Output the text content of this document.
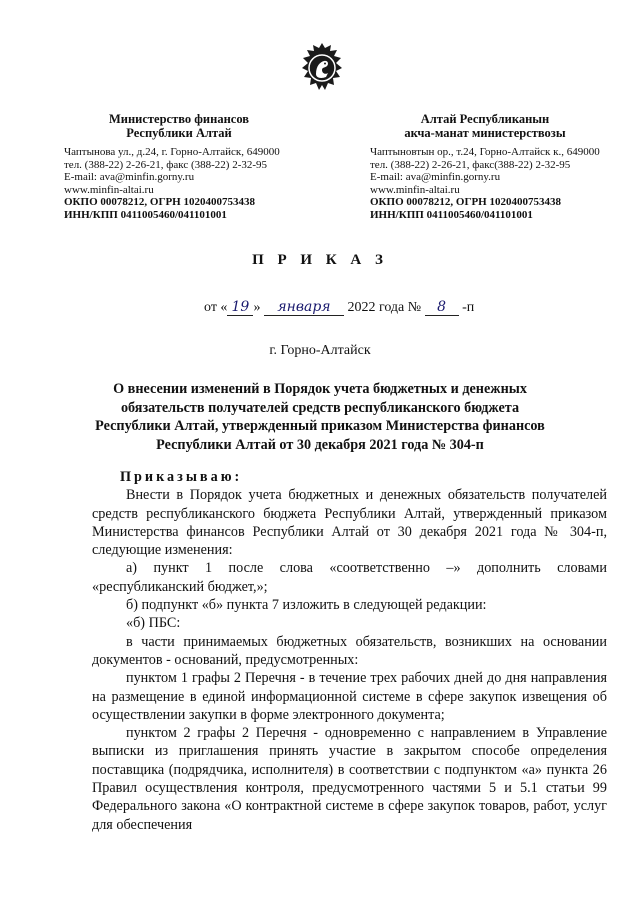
Министерство финансов
Республики Алтай
Чаптынова ул., д.24, г. Горно-Алтайск, 649000
тел. (388-22) 2-26-21, факс (388-22) 2-32-95
E-mail: ava@minfin.gorny.ru
www.minfin-altai.ru
ОКПО 00078212, ОГРН 1020400753438
ИНН/КПП 0411005460/041101001
Алтай Республиканын
акча-манат министерствозы
Чаптыновтын ор., т.24, Горно-Алтайск к., 649000
тел. (388-22) 2-26-21, факс(388-22) 2-32-95
E-mail: ava@minfin.gorny.ru
www.minfin-altai.ru
ОКПО 00078212, ОГРН 1020400753438
ИНН/КПП 0411005460/041101001
П Р И К А З
от « 19 » января 2022 года № 8 -п
г. Горно-Алтайск
О внесении изменений в Порядок учета бюджетных и денежных обязательств получателей средств республиканского бюджета Республики Алтай, утвержденный приказом Министерства финансов Республики Алтай от 30 декабря 2021 года № 304-п

Приказываю:

Внести в Порядок учета бюджетных и денежных обязательств получателей средств республиканского бюджета Республики Алтай, утвержденный приказом Министерства финансов Республики Алтай от 30 декабря 2021 года № 304-п, следующие изменения:

а) пункт 1 после слова «соответственно –» дополнить словами «республиканский бюджет,»;

б) подпункт «б» пункта 7 изложить в следующей редакции:

«б) ПБС:

в части принимаемых бюджетных обязательств, возникших на основании документов - оснований, предусмотренных:

пунктом 1 графы 2 Перечня - в течение трех рабочих дней до дня направления на размещение в единой информационной системе в сфере закупок извещения об осуществлении закупки в форме электронного документа;

пунктом 2 графы 2 Перечня - одновременно с направлением в Управление выписки из приглашения принять участие в закрытом способе определения поставщика (подрядчика, исполнителя) в соответствии с подпунктом «а» пункта 26 Правил осуществления контроля, предусмотренного частями 5 и 5.1 статьи 99 Федерального закона «О контрактной системе в сфере закупок товаров, работ, услуг для обеспечения
